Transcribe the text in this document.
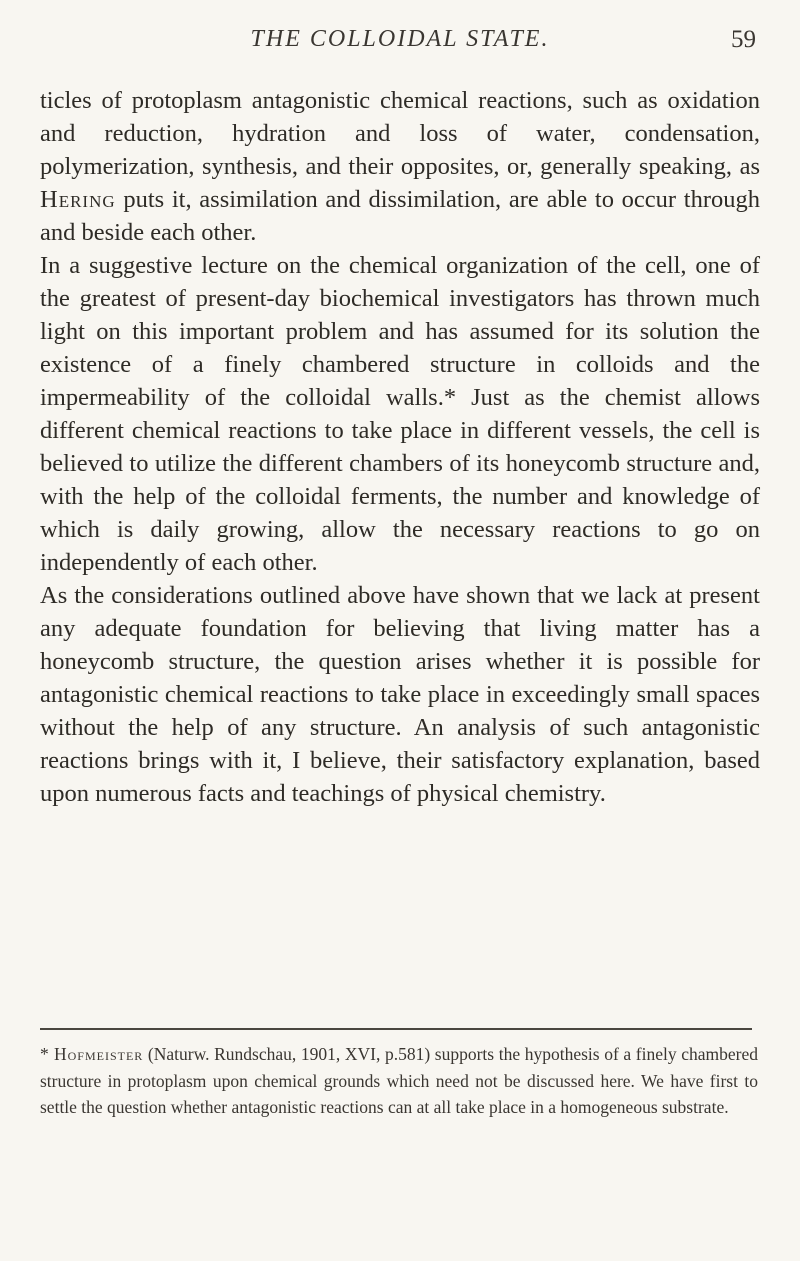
THE COLLOIDAL STATE.	59

ticles of protoplasm antagonistic chemical reactions, such as oxidation and reduction, hydration and loss of water, condensation, polymerization, synthesis, and their opposites, or, generally speaking, as Hering puts it, assimilation and dissimilation, are able to occur through and beside each other.

In a suggestive lecture on the chemical organization of the cell, one of the greatest of present-day biochemical investigators has thrown much light on this important problem and has assumed for its solution the existence of a finely chambered structure in colloids and the impermeability of the colloidal walls.* Just as the chemist allows different chemical reactions to take place in different vessels, the cell is believed to utilize the different chambers of its honeycomb structure and, with the help of the colloidal ferments, the number and knowledge of which is daily growing, allow the necessary reactions to go on independently of each other.

As the considerations outlined above have shown that we lack at present any adequate foundation for believing that living matter has a honeycomb structure, the question arises whether it is possible for antagonistic chemical reactions to take place in exceedingly small spaces without the help of any structure. An analysis of such antagonistic reactions brings with it, I believe, their satisfactory explanation, based upon numerous facts and teachings of physical chemistry.

* Hofmeister (Naturw. Rundschau, 1901, XVI, p.581) supports the hypothesis of a finely chambered structure in protoplasm upon chemical grounds which need not be discussed here. We have first to settle the question whether antagonistic reactions can at all take place in a homogeneous substrate.
